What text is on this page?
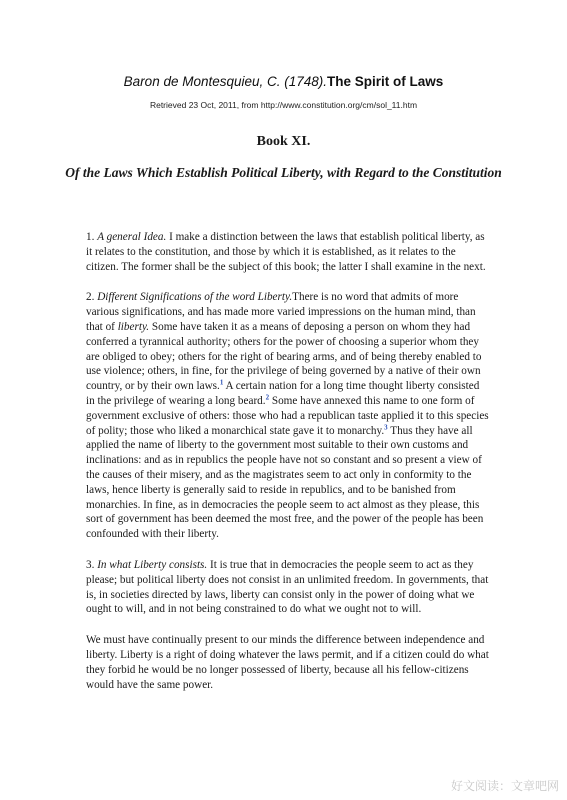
Baron de Montesquieu, C. (1748).The Spirit of Laws
Retrieved 23 Oct, 2011, from http://www.constitution.org/cm/sol_11.htm
Book XI.
Of the Laws Which Establish Political Liberty, with Regard to the Constitution

1. A general Idea. I make a distinction between the laws that establish political liberty, as it relates to the constitution, and those by which it is established, as it relates to the citizen. The former shall be the subject of this book; the latter I shall examine in the next.

2. Different Significations of the word Liberty.There is no word that admits of more various significations, and has made more varied impressions on the human mind, than that of liberty. Some have taken it as a means of deposing a person on whom they had conferred a tyrannical authority; others for the power of choosing a superior whom they are obliged to obey; others for the right of bearing arms, and of being thereby enabled to use violence; others, in fine, for the privilege of being governed by a native of their own country, or by their own laws.$^1$ A certain nation for a long time thought liberty consisted in the privilege of wearing a long beard.$^2$ Some have annexed this name to one form of government exclusive of others: those who had a republican taste applied it to this species of polity; those who liked a monarchical state gave it to monarchy.$^3$ Thus they have all applied the name of liberty to the government most suitable to their own customs and inclinations: and as in republics the people have not so constant and so present a view of the causes of their misery, and as the magistrates seem to act only in conformity to the laws, hence liberty is generally said to reside in republics, and to be banished from monarchies. In fine, as in democracies the people seem to act almost as they please, this sort of government has been deemed the most free, and the power of the people has been confounded with their liberty.

3. In what Liberty consists. It is true that in democracies the people seem to act as they please; but political liberty does not consist in an unlimited freedom. In governments, that is, in societies directed by laws, liberty can consist only in the power of doing what we ought to will, and in not being constrained to do what we ought not to will.

We must have continually present to our minds the difference between independence and liberty. Liberty is a right of doing whatever the laws permit, and if a citizen could do what they forbid he would be no longer possessed of liberty, because all his fellow-citizens would have the same power.

好文阅读：文章吧网
